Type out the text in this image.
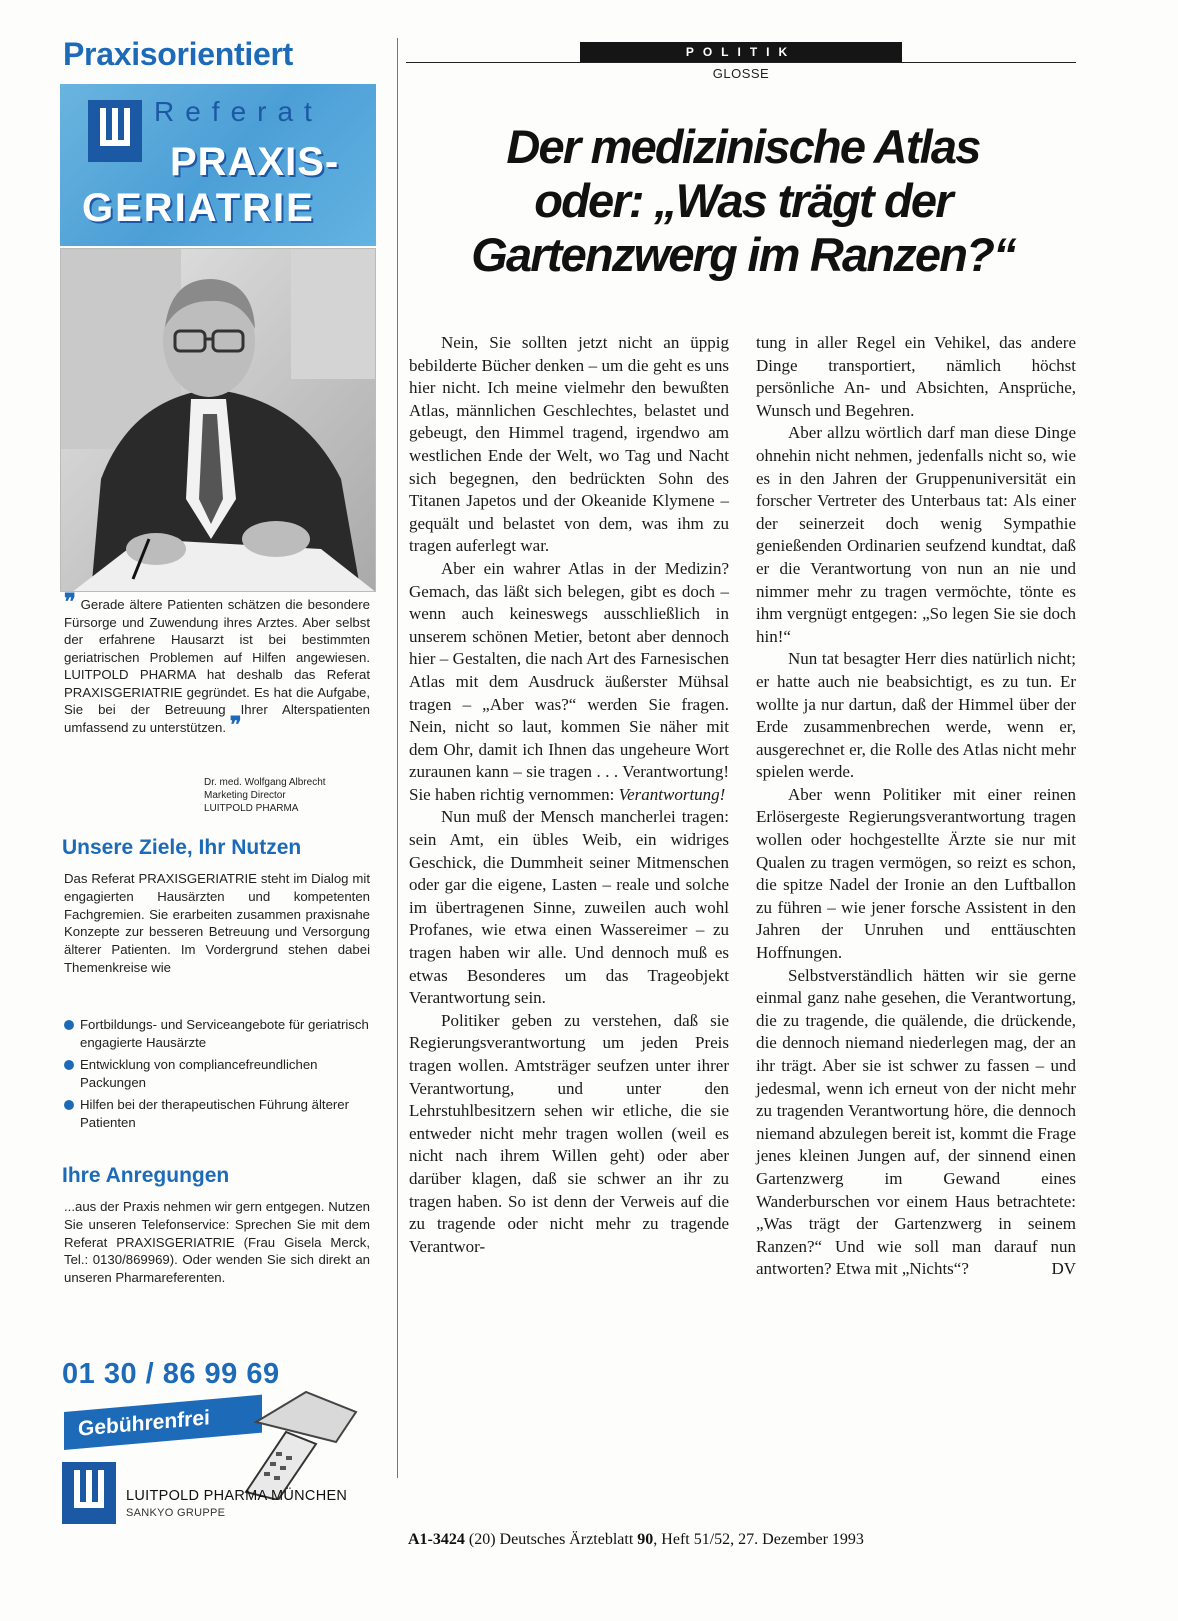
Praxisorientiert
Referat
PRAXIS-
GERIATRIE
❞ Gerade ältere Patienten schätzen die besondere Fürsorge und Zuwendung ihres Arztes. Aber selbst der erfahrene Hausarzt ist bei bestimmten geriatrischen Problemen auf Hilfen angewiesen. LUITPOLD PHARMA hat deshalb das Referat PRAXISGERIATRIE gegründet. Es hat die Aufgabe, Sie bei der Betreuung Ihrer Alterspatienten umfassend zu unterstützen. ❞
Dr. med. Wolfgang Albrecht
Marketing Director
LUITPOLD PHARMA
Unsere Ziele, Ihr Nutzen
Das Referat PRAXISGERIATRIE steht im Dialog mit engagierten Hausärzten und kompetenten Fachgremien. Sie erarbeiten zusammen praxisnahe Konzepte zur besseren Betreuung und Versorgung älterer Patienten. Im Vordergrund stehen dabei Themenkreise wie
Fortbildungs- und Serviceangebote für geriatrisch engagierte Hausärzte
Entwicklung von compliancefreundlichen Packungen
Hilfen bei der therapeutischen Führung älterer Patienten
Ihre Anregungen
...aus der Praxis nehmen wir gern entgegen. Nutzen Sie unseren Telefonservice: Sprechen Sie mit dem Referat PRAXISGERIATRIE (Frau Gisela Merck, Tel.: 0130/869969). Oder wenden Sie sich direkt an unseren Pharmareferenten.
01 30 / 86 99 69
Gebührenfrei
LUITPOLD PHARMA MÜNCHEN
SANKYO GRUPPE
POLITIK
GLOSSE
Der medizinische Atlas
oder: „Was trägt der
Gartenzwerg im Ranzen?“

Nein, Sie sollten jetzt nicht an üppig bebilderte Bücher denken – um die geht es uns hier nicht. Ich meine vielmehr den bewußten Atlas, männlichen Geschlechtes, belastet und gebeugt, den Himmel tragend, irgendwo am westlichen Ende der Welt, wo Tag und Nacht sich begegnen, den bedrückten Sohn des Titanen Japetos und der Okeanide Klymene – gequält und belastet von dem, was ihm zu tragen auferlegt war.

Aber ein wahrer Atlas in der Medizin? Gemach, das läßt sich belegen, gibt es doch – wenn auch keineswegs ausschließlich in unserem schönen Metier, betont aber dennoch hier – Gestalten, die nach Art des Farnesischen Atlas mit dem Ausdruck äußerster Mühsal tragen – „Aber was?“ werden Sie fragen. Nein, nicht so laut, kommen Sie näher mit dem Ohr, damit ich Ihnen das ungeheure Wort zuraunen kann – sie tragen . . . Verantwortung! Sie haben richtig vernommen: Verantwortung!

Nun muß der Mensch mancherlei tragen: sein Amt, ein übles Weib, ein widriges Geschick, die Dummheit seiner Mitmenschen oder gar die eigene, Lasten – reale und solche im übertragenen Sinne, zuweilen auch wohl Profanes, wie etwa einen Wassereimer – zu tragen haben wir alle. Und dennoch muß es etwas Besonderes um das Trageobjekt Verantwortung sein.

Politiker geben zu verstehen, daß sie Regierungsverantwortung um jeden Preis tragen wollen. Amtsträger seufzen unter ihrer Verantwortung, und unter den Lehrstuhlbesitzern sehen wir etliche, die sie entweder nicht mehr tragen wollen (weil es nicht nach ihrem Willen geht) oder aber darüber klagen, daß sie schwer an ihr zu tragen haben. So ist denn der Verweis auf die zu tragende oder nicht mehr zu tragende Verantwor-

tung in aller Regel ein Vehikel, das andere Dinge transportiert, nämlich höchst persönliche An- und Absichten, Ansprüche, Wunsch und Begehren.

Aber allzu wörtlich darf man diese Dinge ohnehin nicht nehmen, jedenfalls nicht so, wie es in den Jahren der Gruppenuniversität ein forscher Vertreter des Unterbaus tat: Als einer der seinerzeit doch wenig Sympathie genießenden Ordinarien seufzend kundtat, daß er die Verantwortung von nun an nie und nimmer mehr zu tragen vermöchte, tönte es ihm vergnügt entgegen: „So legen Sie sie doch hin!“

Nun tat besagter Herr dies natürlich nicht; er hatte auch nie beabsichtigt, es zu tun. Er wollte ja nur dartun, daß der Himmel über der Erde zusammenbrechen werde, wenn er, ausgerechnet er, die Rolle des Atlas nicht mehr spielen werde.

Aber wenn Politiker mit einer reinen Erlösergeste Regierungsverantwortung tragen wollen oder hochgestellte Ärzte sie nur mit Qualen zu tragen vermögen, so reizt es schon, die spitze Nadel der Ironie an den Luftballon zu führen – wie jener forsche Assistent in den Jahren der Unruhen und enttäuschten Hoffnungen.

Selbstverständlich hätten wir sie gerne einmal ganz nahe gesehen, die Verantwortung, die zu tragende, die quälende, die drückende, die dennoch niemand niederlegen mag, der an ihr trägt. Aber sie ist schwer zu fassen – und jedesmal, wenn ich erneut von der nicht mehr zu tragenden Verantwortung höre, die dennoch niemand abzulegen bereit ist, kommt die Frage jenes kleinen Jungen auf, der sinnend einen Gartenzwerg im Gewand eines Wanderburschen vor einem Haus betrachtete: „Was trägt der Gartenzwerg in seinem Ranzen?“ Und wie soll man darauf nun antworten? Etwa mit „Nichts“?	DV

A1-3424 (20) Deutsches Ärzteblatt 90, Heft 51/52, 27. Dezember 1993
